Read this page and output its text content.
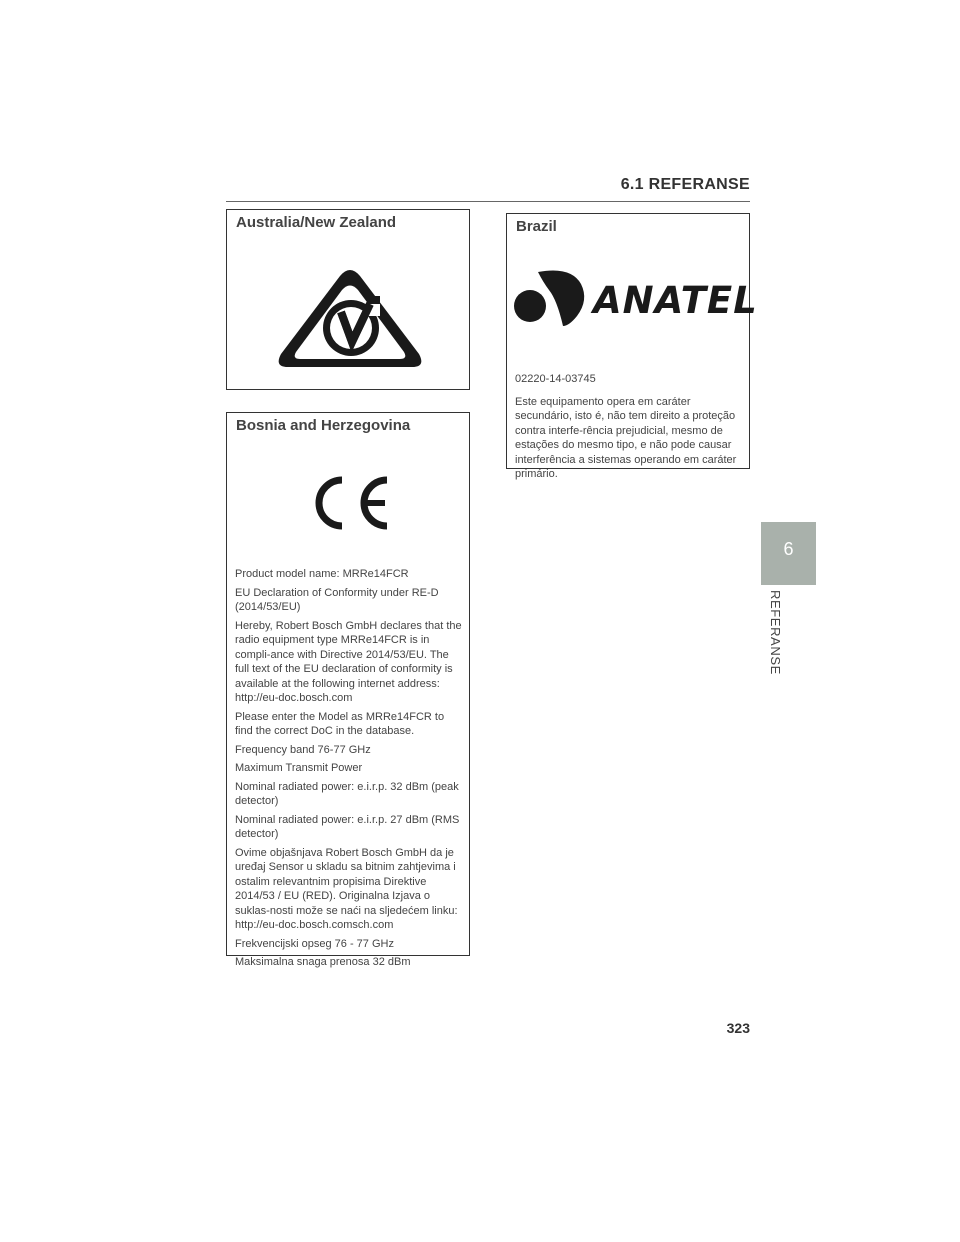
6.1 REFERANSE
Australia/New Zealand
Bosnia and Herzegovina

Product model name: MRRe14FCR

EU Declaration of Conformity under RE-D (2014/53/EU)

Hereby, Robert Bosch GmbH declares that the radio equipment type MRRe14FCR is in compli-ance with Directive 2014/53/EU. The full text of the EU declaration of conformity is available at the following internet address: http://eu-doc.bosch.com

Please enter the Model as MRRe14FCR to find the correct DoC in the database.

Frequency band 76-77 GHz

Maximum Transmit Power

Nominal radiated power: e.i.r.p. 32 dBm (peak detector)

Nominal radiated power: e.i.r.p. 27 dBm (RMS detector)

Ovime objašnjava Robert Bosch GmbH da je uređaj Sensor u skladu sa bitnim zahtjevima i ostalim relevantnim propisima Direktive 2014/53 / EU (RED). Originalna Izjava o suklas-nosti može se naći na sljedećem linku: http://eu-doc.bosch.comsch.com

Frekvencijski opseg 76 - 77 GHz

Maksimalna snaga prenosa 32 dBm

Brazil
ANATEL

02220-14-03745

Este equipamento opera em caráter secundário, isto é, não tem direito a proteção contra interfe-rência prejudicial, mesmo de estações do mesmo tipo, e não pode causar interferência a sistemas operando em caráter primário.

6
REFERANSE
323
